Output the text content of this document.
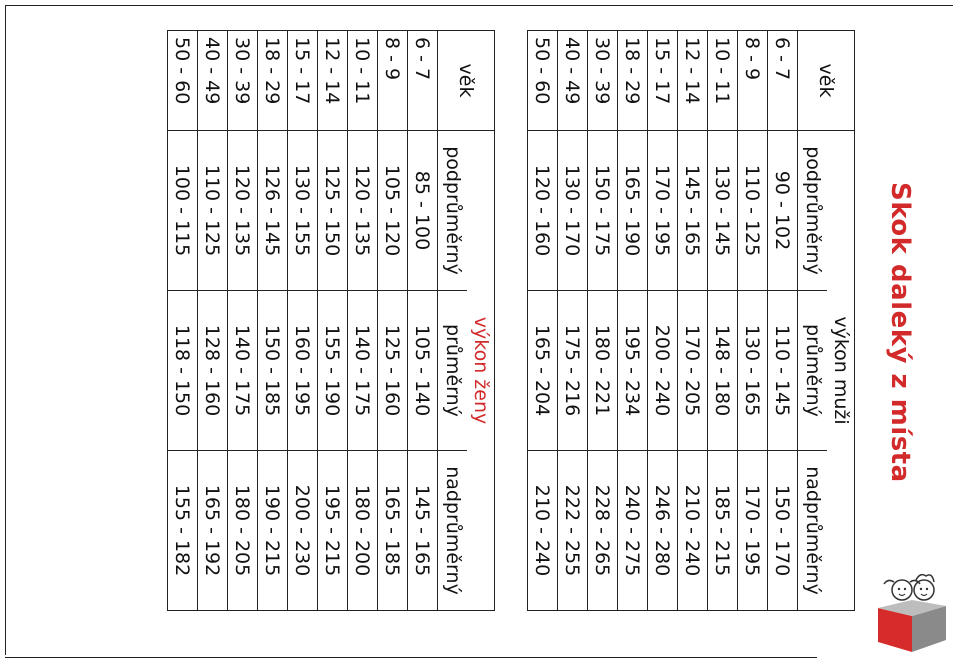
Skok daleký z místa
věk	výkon muži		
	podprůměrný	průměrný	nadprůměrný
6 - 7	90 - 102	110 - 145	150 - 170
8 - 9	110 - 125	130 - 165	170 - 195
10 - 11	130 - 145	148 - 180	185 - 215
12 - 14	145 - 165	170 - 205	210 - 240
15 - 17	170 - 195	200 - 240	246 - 280
18 - 29	165 - 190	195 - 234	240 - 275
30 - 39	150 - 175	180 - 221	228 - 265
40 - 49	130 - 170	175 - 216	222 - 255
50 - 60	120 - 160	165 - 204	210 - 240
věk	výkon ženy		
	podprůměrný	průměrný	nadprůměrný
6 - 7	85 - 100	105 - 140	145 - 165
8 - 9	105 - 120	125 - 160	165 - 185
10 - 11	120 - 135	140 - 175	180 - 200
12 - 14	125 - 150	155 - 190	195 - 215
15 - 17	130 - 155	160 - 195	200 - 230
18 - 29	126 - 145	150 - 185	190 - 215
30 - 39	120 - 135	140 - 175	180 - 205
40 - 49	110 - 125	128 - 160	165 - 192
50 - 60	100 - 115	118 - 150	155 - 182
